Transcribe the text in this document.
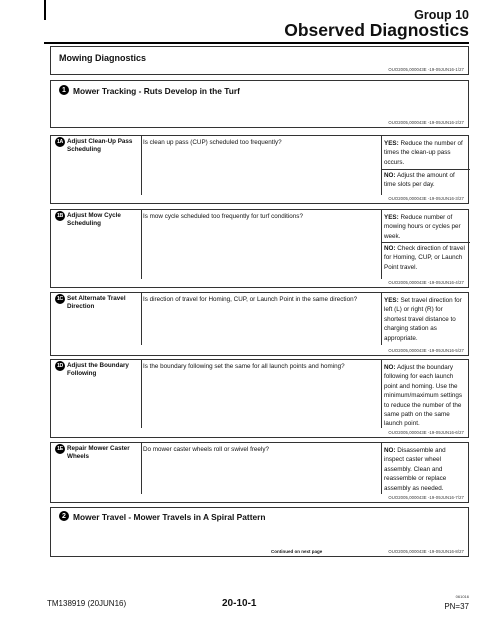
Group 10
Observed Diagnostics
Mowing Diagnostics
OUO2005,000043E -19-09JUN16-1/27
1 Mower Tracking - Ruts Develop in the Turf
OUO2005,000043E -19-09JUN16-2/27
1A Adjust Clean-Up Pass Scheduling
Is clean up pass (CUP) scheduled too frequently?	YES: Reduce the number of times the clean-up pass occurs.
NO: Adjust the amount of time slots per day.
OUO2005,000043E -19-09JUN16-3/27
1B Adjust Mow Cycle Scheduling
Is mow cycle scheduled too frequently for turf conditions?	YES: Reduce number of mowing hours or cycles per week.
NO: Check direction of travel for Homing, CUP, or Launch Point travel.
OUO2005,000043E -19-09JUN16-4/27
1C Set Alternate Travel Direction
Is direction of travel for Homing, CUP, or Launch Point in the same direction?	YES: Set travel direction for left (L) or right (R) for shortest travel distance to charging station as appropriate.
OUO2005,000043E -19-09JUN16-5/27
1D Adjust the Boundary Following
Is the boundary following set the same for all launch points and homing?	NO: Adjust the boundary following for each launch point and homing. Use the minimum/maximum settings to reduce the number of the same path on the same launch point.
OUO2005,000043E -19-09JUN16-6/27
1E Repair Mower Caster Wheels
Do mower caster wheels roll or swivel freely?	NO: Disassemble and inspect caster wheel assembly. Clean and reassemble or replace assembly as needed.
OUO2005,000043E -19-09JUN16-7/27
2 Mower Travel - Mower Travels in A Spiral Pattern
Continued on next page	OUO2005,000043E -19-09JUN16-8/27
TM138919 (20JUN16)	20-10-1
061016
PN=37
